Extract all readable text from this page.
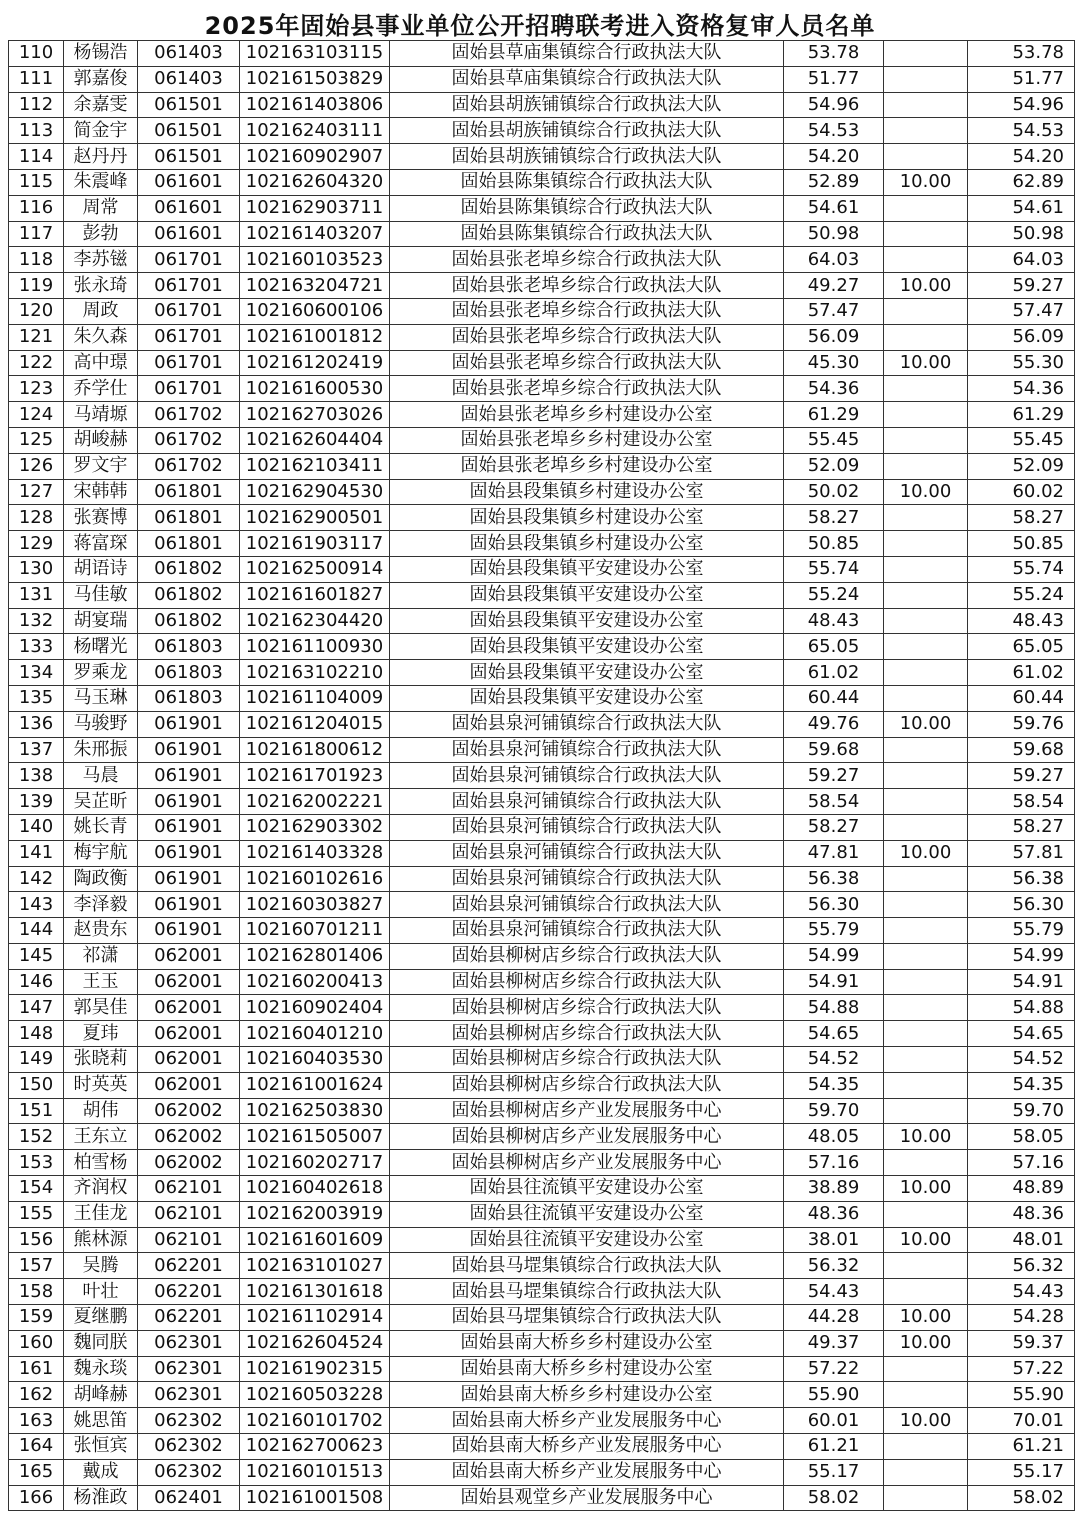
2025年固始县事业单位公开招聘联考进入资格复审人员名单
110	杨锡浩	061403	102163103115	固始县草庙集镇综合行政执法大队	53.78		53.78
111	郭嘉俊	061403	102161503829	固始县草庙集镇综合行政执法大队	51.77		51.77
112	余嘉雯	061501	102161403806	固始县胡族铺镇综合行政执法大队	54.96		54.96
113	简金宇	061501	102162403111	固始县胡族铺镇综合行政执法大队	54.53		54.53
114	赵丹丹	061501	102160902907	固始县胡族铺镇综合行政执法大队	54.20		54.20
115	朱震峰	061601	102162604320	固始县陈集镇综合行政执法大队	52.89	10.00	62.89
116	周常	061601	102162903711	固始县陈集镇综合行政执法大队	54.61		54.61
117	彭勃	061601	102161403207	固始县陈集镇综合行政执法大队	50.98		50.98
118	李苏镃	061701	102160103523	固始县张老埠乡综合行政执法大队	64.03		64.03
119	张永琦	061701	102163204721	固始县张老埠乡综合行政执法大队	49.27	10.00	59.27
120	周政	061701	102160600106	固始县张老埠乡综合行政执法大队	57.47		57.47
121	朱久森	061701	102161001812	固始县张老埠乡综合行政执法大队	56.09		56.09
122	高中璟	061701	102161202419	固始县张老埠乡综合行政执法大队	45.30	10.00	55.30
123	乔学仕	061701	102161600530	固始县张老埠乡综合行政执法大队	54.36		54.36
124	马靖塬	061702	102162703026	固始县张老埠乡乡村建设办公室	61.29		61.29
125	胡峻赫	061702	102162604404	固始县张老埠乡乡村建设办公室	55.45		55.45
126	罗文宇	061702	102162103411	固始县张老埠乡乡村建设办公室	52.09		52.09
127	宋韩韩	061801	102162904530	固始县段集镇乡村建设办公室	50.02	10.00	60.02
128	张赛博	061801	102162900501	固始县段集镇乡村建设办公室	58.27		58.27
129	蒋富琛	061801	102161903117	固始县段集镇乡村建设办公室	50.85		50.85
130	胡语诗	061802	102162500914	固始县段集镇平安建设办公室	55.74		55.74
131	马佳敏	061802	102161601827	固始县段集镇平安建设办公室	55.24		55.24
132	胡宴瑞	061802	102162304420	固始县段集镇平安建设办公室	48.43		48.43
133	杨曙光	061803	102161100930	固始县段集镇平安建设办公室	65.05		65.05
134	罗乘龙	061803	102163102210	固始县段集镇平安建设办公室	61.02		61.02
135	马玉琳	061803	102161104009	固始县段集镇平安建设办公室	60.44		60.44
136	马骏野	061901	102161204015	固始县泉河铺镇综合行政执法大队	49.76	10.00	59.76
137	朱邢振	061901	102161800612	固始县泉河铺镇综合行政执法大队	59.68		59.68
138	马晨	061901	102161701923	固始县泉河铺镇综合行政执法大队	59.27		59.27
139	吴芷昕	061901	102162002221	固始县泉河铺镇综合行政执法大队	58.54		58.54
140	姚长青	061901	102162903302	固始县泉河铺镇综合行政执法大队	58.27		58.27
141	梅宇航	061901	102161403328	固始县泉河铺镇综合行政执法大队	47.81	10.00	57.81
142	陶政衡	061901	102160102616	固始县泉河铺镇综合行政执法大队	56.38		56.38
143	李泽毅	061901	102160303827	固始县泉河铺镇综合行政执法大队	56.30		56.30
144	赵贵东	061901	102160701211	固始县泉河铺镇综合行政执法大队	55.79		55.79
145	祁潇	062001	102162801406	固始县柳树店乡综合行政执法大队	54.99		54.99
146	王玉	062001	102160200413	固始县柳树店乡综合行政执法大队	54.91		54.91
147	郭昊佳	062001	102160902404	固始县柳树店乡综合行政执法大队	54.88		54.88
148	夏玮	062001	102160401210	固始县柳树店乡综合行政执法大队	54.65		54.65
149	张晓莉	062001	102160403530	固始县柳树店乡综合行政执法大队	54.52		54.52
150	时英英	062001	102161001624	固始县柳树店乡综合行政执法大队	54.35		54.35
151	胡伟	062002	102162503830	固始县柳树店乡产业发展服务中心	59.70		59.70
152	王东立	062002	102161505007	固始县柳树店乡产业发展服务中心	48.05	10.00	58.05
153	柏雪杨	062002	102160202717	固始县柳树店乡产业发展服务中心	57.16		57.16
154	齐润权	062101	102160402618	固始县往流镇平安建设办公室	38.89	10.00	48.89
155	王佳龙	062101	102162003919	固始县往流镇平安建设办公室	48.36		48.36
156	熊林源	062101	102161601609	固始县往流镇平安建设办公室	38.01	10.00	48.01
157	吴腾	062201	102163101027	固始县马堽集镇综合行政执法大队	56.32		56.32
158	叶壮	062201	102161301618	固始县马堽集镇综合行政执法大队	54.43		54.43
159	夏继鹏	062201	102161102914	固始县马堽集镇综合行政执法大队	44.28	10.00	54.28
160	魏同朕	062301	102162604524	固始县南大桥乡乡村建设办公室	49.37	10.00	59.37
161	魏永琰	062301	102161902315	固始县南大桥乡乡村建设办公室	57.22		57.22
162	胡峰赫	062301	102160503228	固始县南大桥乡乡村建设办公室	55.90		55.90
163	姚思笛	062302	102160101702	固始县南大桥乡产业发展服务中心	60.01	10.00	70.01
164	张恒宾	062302	102162700623	固始县南大桥乡产业发展服务中心	61.21		61.21
165	戴成	062302	102160101513	固始县南大桥乡产业发展服务中心	55.17		55.17
166	杨淮政	062401	102161001508	固始县观堂乡产业发展服务中心	58.02		58.02
